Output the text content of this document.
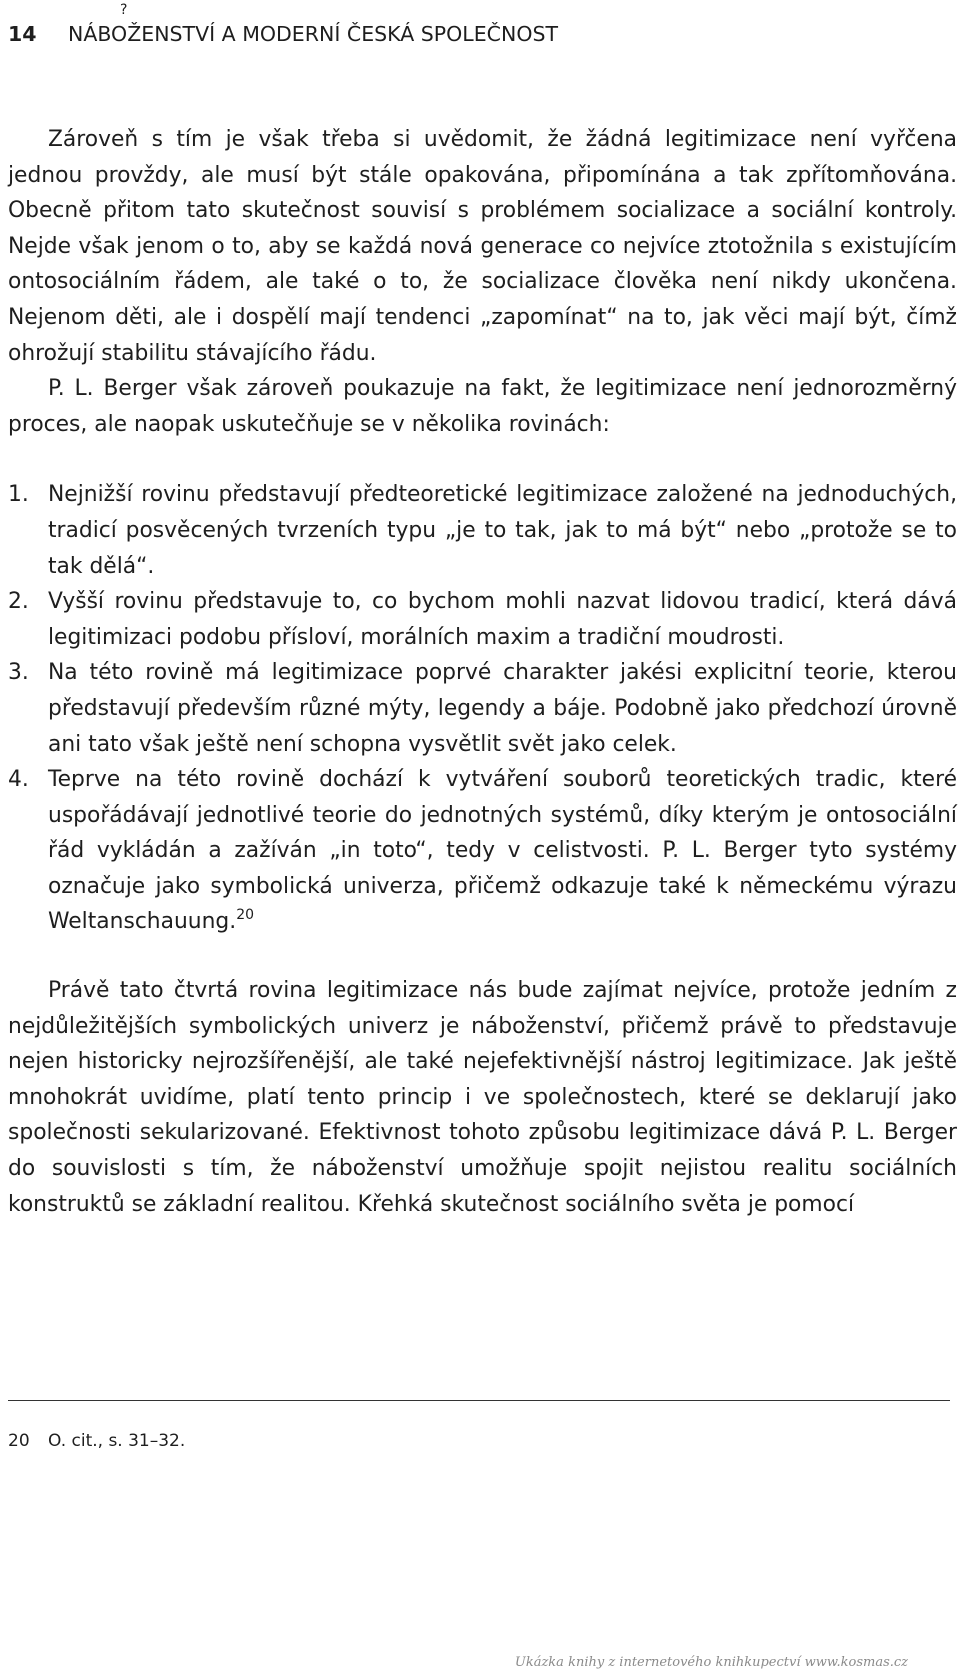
14
?
NÁBOŽENSTVÍ A MODERNÍ ČESKÁ SPOLEČNOST

Zároveň s tím je však třeba si uvědomit, že žádná legitimizace není vyřčena jednou provždy, ale musí být stále opakována, připomínána a tak zpřítomňována. Obecně přitom tato skutečnost souvisí s problémem socializace a sociální kontroly. Nejde však jenom o to, aby se každá nová generace co nejvíce ztotožnila s existujícím ontosociálním řádem, ale také o to, že socializace člověka není nikdy ukončena. Nejenom děti, ale i dospělí mají tendenci „zapomínat“ na to, jak věci mají být, čímž ohrožují stabilitu stávajícího řádu.

P. L. Berger však zároveň poukazuje na fakt, že legitimizace není jednorozměrný proces, ale naopak uskutečňuje se v několika rovinách:

1. Nejnižší rovinu představují předteoretické legitimizace založené na jednoduchých, tradicí posvěcených tvrzeních typu „je to tak, jak to má být“ nebo „protože se to tak dělá“.
2. Vyšší rovinu představuje to, co bychom mohli nazvat lidovou tradicí, která dává legitimizaci podobu přísloví, morálních maxim a tradiční moudrosti.
3. Na této rovině má legitimizace poprvé charakter jakési explicitní teorie, kterou představují především různé mýty, legendy a báje. Podobně jako předchozí úrovně ani tato však ještě není schopna vysvětlit svět jako celek.
4. Teprve na této rovině dochází k vytváření souborů teoretických tradic, které uspořádávají jednotlivé teorie do jednotných systémů, díky kterým je ontosociální řád vykládán a zažíván „in toto“, tedy v celistvosti. P. L. Berger tyto systémy označuje jako symbolická univerza, přičemž odkazuje také k německému výrazu Weltanschauung.$^{20}$

Právě tato čtvrtá rovina legitimizace nás bude zajímat nejvíce, protože jedním z nejdůležitějších symbolických univerz je náboženství, přičemž právě to představuje nejen historicky nejrozšířenější, ale také nejefektivnější nástroj legitimizace. Jak ještě mnohokrát uvidíme, platí tento princip i ve společnostech, které se deklarují jako společnosti sekularizované. Efektivnost tohoto způsobu legitimizace dává P. L. Berger do souvislosti s tím, že náboženství umožňuje spojit nejistou realitu sociálních konstruktů se základní realitou. Křehká skutečnost sociálního světa je pomocí

20 O. cit., s. 31–32.
Ukázka knihy z internetového knihkupectví www.kosmas.cz
